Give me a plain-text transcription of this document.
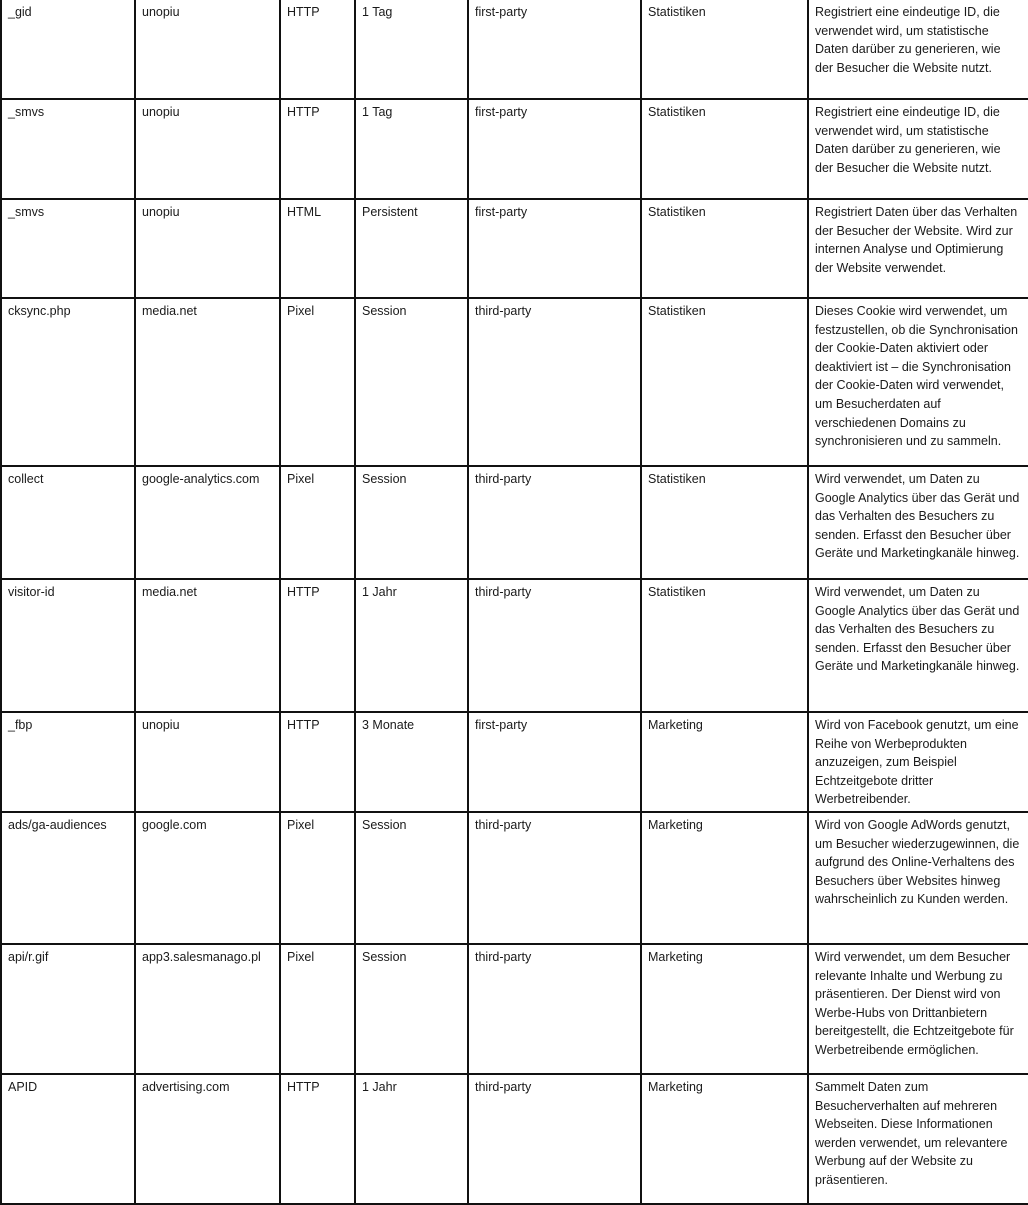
_gid	unopiu	HTTP	1 Tag	first-party	Statistiken	Registriert eine eindeutige ID, die verwendet wird, um statistische Daten darüber zu generieren, wie der Besucher die Website nutzt.

_smvs	unopiu	HTTP	1 Tag	first-party	Statistiken	Registriert eine eindeutige ID, die verwendet wird, um statistische Daten darüber zu generieren, wie der Besucher die Website nutzt.

_smvs	unopiu	HTML	Persistent	first-party	Statistiken	Registriert Daten über das Verhalten der Besucher der Website. Wird zur internen Analyse und Optimierung der Website verwendet.

cksync.php	media.net	Pixel	Session	third-party	Statistiken	Dieses Cookie wird verwendet, um festzustellen, ob die Synchronisation der Cookie-Daten aktiviert oder deaktiviert ist – die Synchronisation der Cookie-Daten wird verwendet, um Besucherdaten auf verschiedenen Domains zu synchronisieren und zu sammeln.

collect	google-analytics.com	Pixel	Session	third-party	Statistiken	Wird verwendet, um Daten zu Google Analytics über das Gerät und das Verhalten des Besuchers zu senden. Erfasst den Besucher über Geräte und Marketingkanäle hinweg.

visitor-id	media.net	HTTP	1 Jahr	third-party	Statistiken	Wird verwendet, um Daten zu Google Analytics über das Gerät und das Verhalten des Besuchers zu senden. Erfasst den Besucher über Geräte und Marketingkanäle hinweg.

_fbp	unopiu	HTTP	3 Monate	first-party	Marketing	Wird von Facebook genutzt, um eine Reihe von Werbeprodukten anzuzeigen, zum Beispiel Echtzeitgebote dritter Werbetreibender.

ads/ga-audiences	google.com	Pixel	Session	third-party	Marketing	Wird von Google AdWords genutzt, um Besucher wiederzugewinnen, die aufgrund des Online-Verhaltens des Besuchers über Websites hinweg wahrscheinlich zu Kunden werden.

api/r.gif	app3.salesmanago.pl	Pixel	Session	third-party	Marketing	Wird verwendet, um dem Besucher relevante Inhalte und Werbung zu präsentieren. Der Dienst wird von Werbe-Hubs von Drittanbietern bereitgestellt, die Echtzeitgebote für Werbetreibende ermöglichen.

APID	advertising.com	HTTP	1 Jahr	third-party	Marketing	Sammelt Daten zum Besucherverhalten auf mehreren Webseiten. Diese Informationen werden verwendet, um relevantere Werbung auf der Website zu präsentieren.
